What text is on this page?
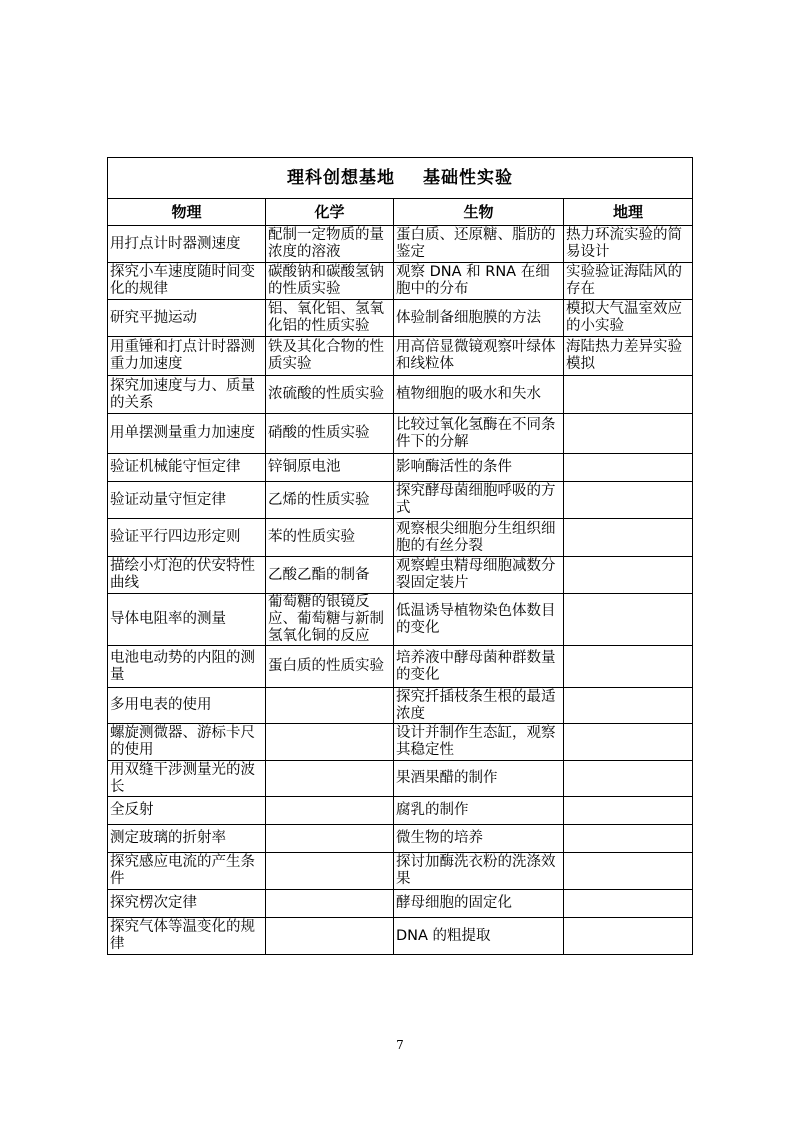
理科创想基地 基础性实验			
物理	化学	生物	地理
用打点计时器测速度	配制一定物质的量浓度的溶液	蛋白质、还原糖、脂肪的鉴定	热力环流实验的简易设计
探究小车速度随时间变化的规律	碳酸钠和碳酸氢钠的性质实验	观察 DNA 和 RNA 在细胞中的分布	实验验证海陆风的存在
研究平抛运动	铝、氧化铝、氢氧化铝的性质实验	体验制备细胞膜的方法	模拟大气温室效应的小实验
用重锤和打点计时器测重力加速度	铁及其化合物的性质实验	用高倍显微镜观察叶绿体和线粒体	海陆热力差异实验模拟
探究加速度与力、质量的关系	浓硫酸的性质实验	植物细胞的吸水和失水	
用单摆测量重力加速度	硝酸的性质实验	比较过氧化氢酶在不同条件下的分解	
验证机械能守恒定律	锌铜原电池	影响酶活性的条件	
验证动量守恒定律	乙烯的性质实验	探究酵母菌细胞呼吸的方式	
验证平行四边形定则	苯的性质实验	观察根尖细胞分生组织细胞的有丝分裂	
描绘小灯泡的伏安特性曲线	乙酸乙酯的制备	观察蝗虫精母细胞减数分裂固定装片	
导体电阻率的测量	葡萄糖的银镜反应、葡萄糖与新制氢氧化铜的反应	低温诱导植物染色体数目的变化	
电池电动势的内阻的测量	蛋白质的性质实验	培养液中酵母菌种群数量的变化	
多用电表的使用		探究扦插枝条生根的最适浓度	
螺旋测微器、游标卡尺的使用		设计并制作生态缸，观察其稳定性	
用双缝干涉测量光的波长		果酒果醋的制作	
全反射		腐乳的制作	
测定玻璃的折射率		微生物的培养	
探究感应电流的产生条件		探讨加酶洗衣粉的洗涤效果	
探究楞次定律		酵母细胞的固定化	
探究气体等温变化的规律		DNA 的粗提取	
7
